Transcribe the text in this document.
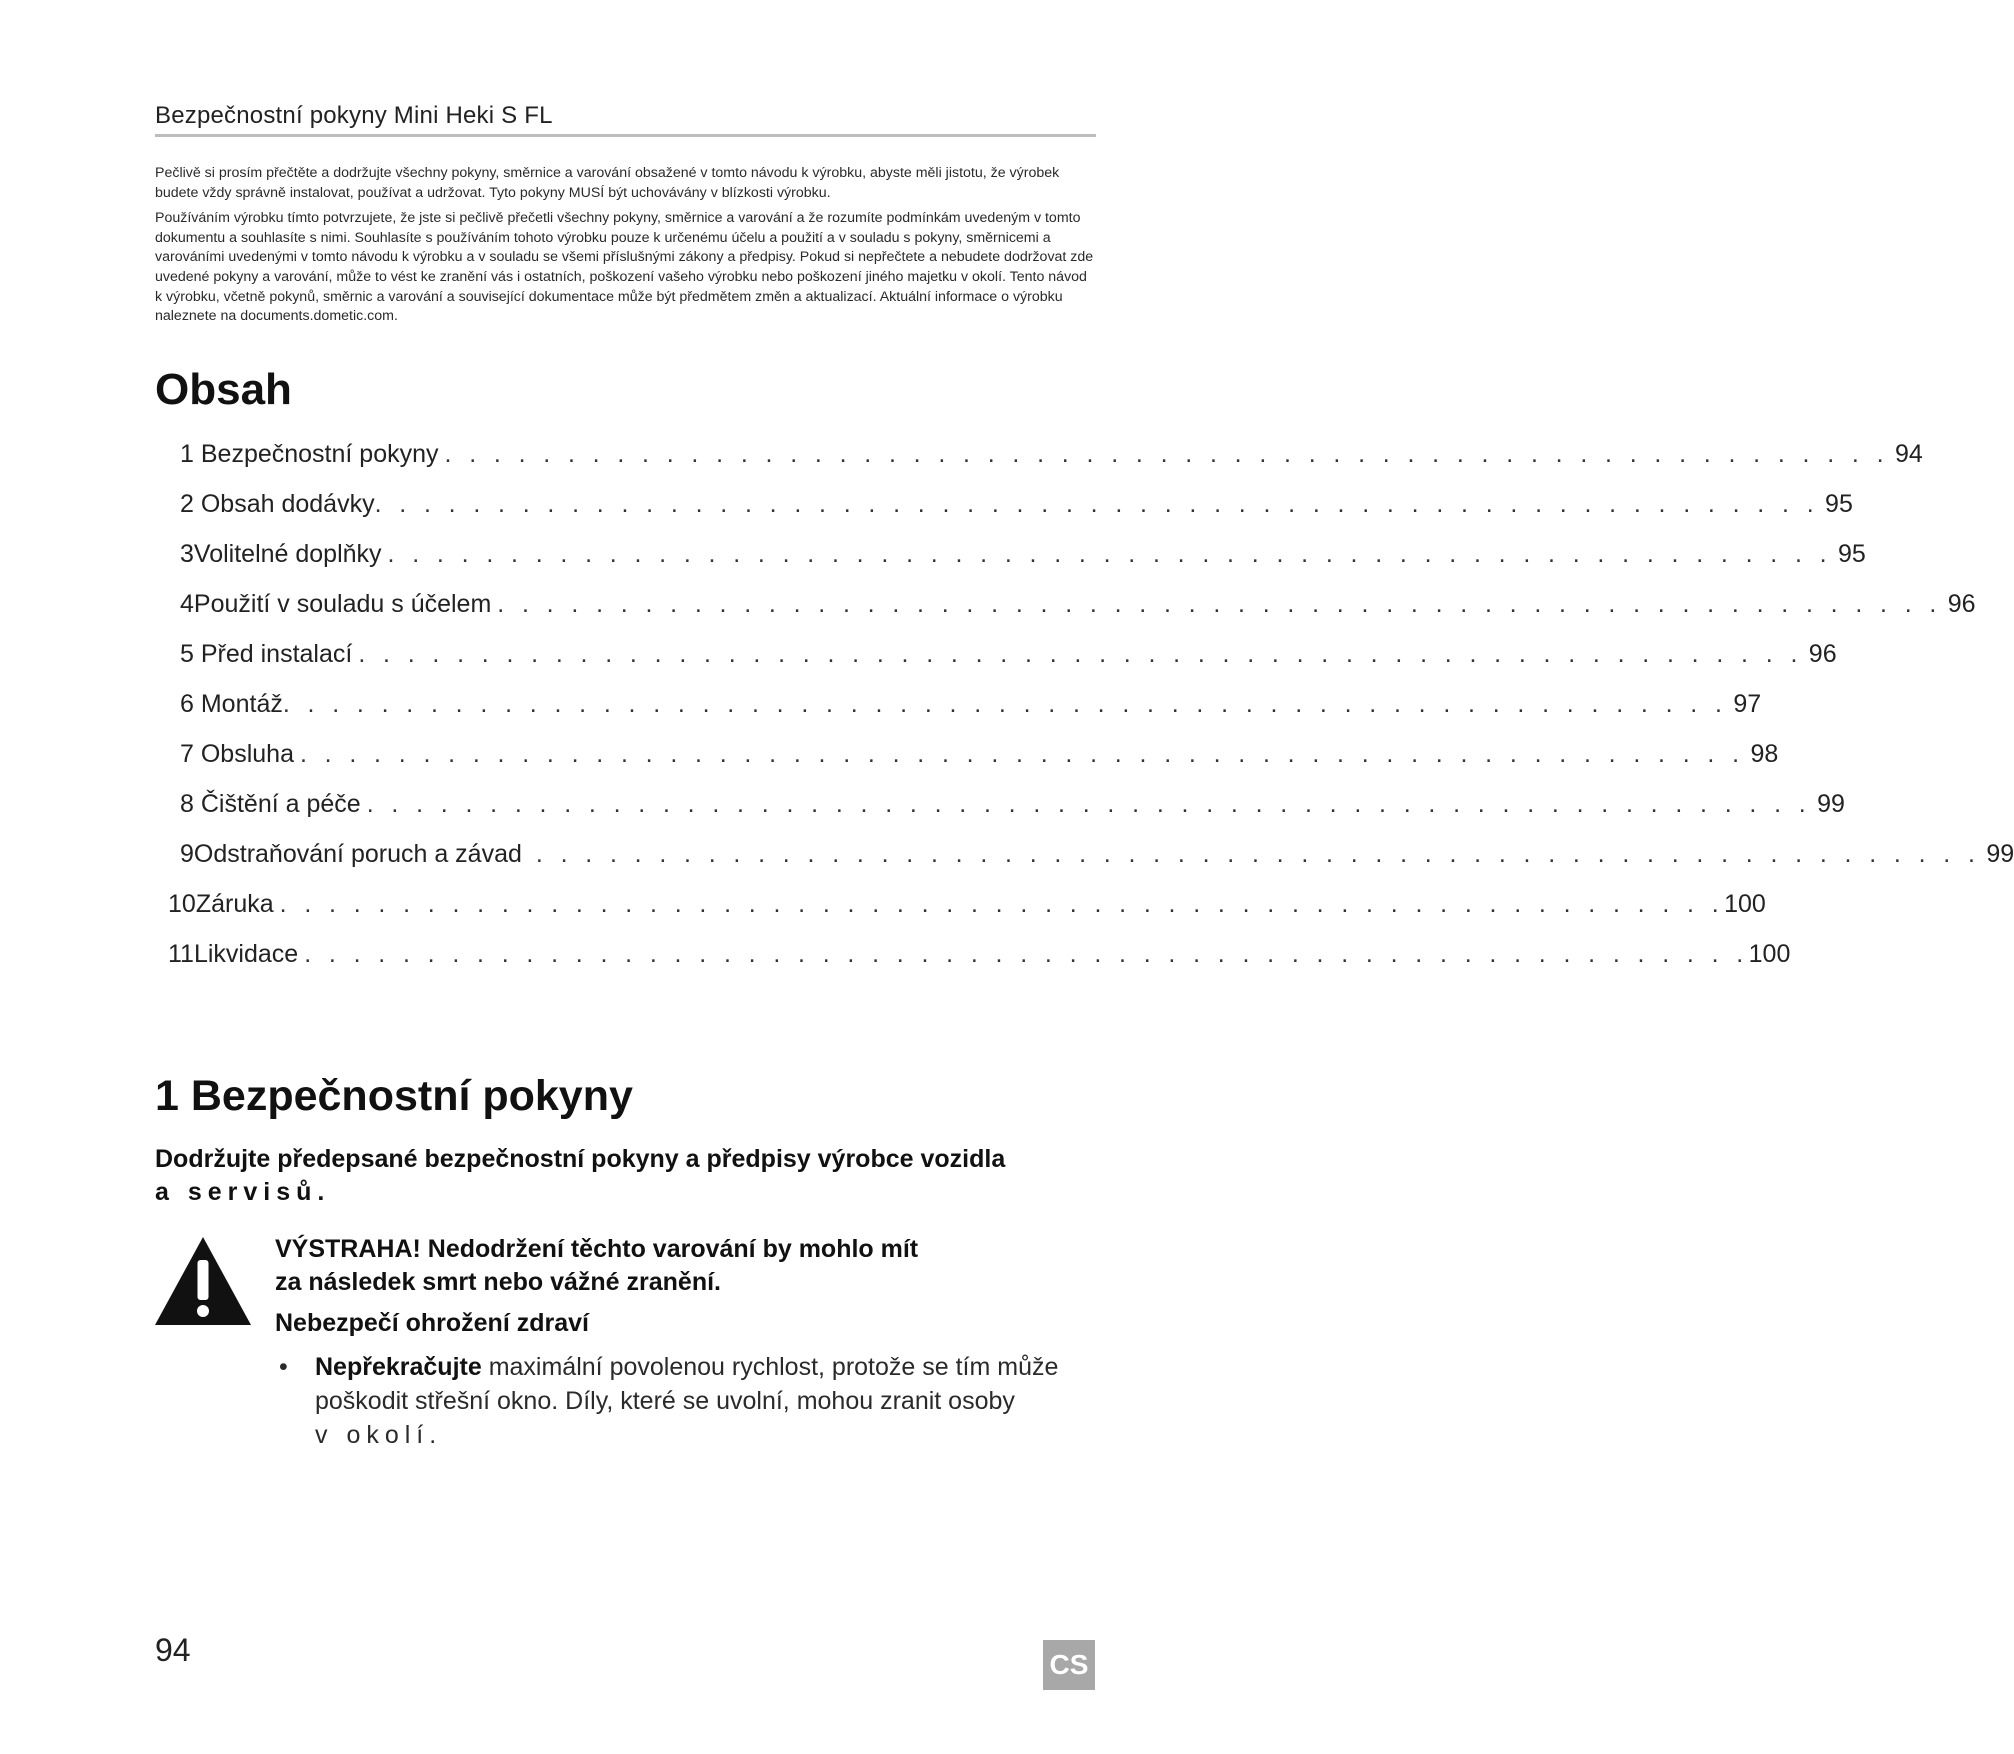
Bezpečnostní pokyny Mini Heki S FL

Pečlivě si prosím přečtěte a dodržujte všechny pokyny, směrnice a varování obsažené v tomto návodu k výrobku, abyste měli jistotu, že výrobek budete vždy správně instalovat, používat a udržovat. Tyto pokyny MUSÍ být uchovávány v blízkosti výrobku.

Používáním výrobku tímto potvrzujete, že jste si pečlivě přečetli všechny pokyny, směrnice a varování a že rozumíte podmínkám uvedeným v tomto dokumentu a souhlasíte s nimi. Souhlasíte s používáním tohoto výrobku pouze k určenému účelu a použití a v souladu s pokyny, směrnicemi a varováními uvedenými v tomto návodu k výrobku a v souladu se všemi příslušnými zákony a předpisy. Pokud si nepřečtete a nebudete dodržovat zde uvedené pokyny a varování, může to vést ke zranění vás i ostatních, poškození vašeho výrobku nebo poškození jiného majetku v okolí. Tento návod k výrobku, včetně pokynů, směrnic a varování a související dokumentace může být předmětem změn a aktualizací. Aktuální informace o výrobku naleznete na documents.dometic.com.

Obsah
1
Bezpečnostní pokyny . . . . . . . . . . . . . . . . . . . . . . . . . . . . . . . . . . . . . . . . . . . . . . . . . . . . . . . . . . . 94
2
Obsah dodávky . . . . . . . . . . . . . . . . . . . . . . . . . . . . . . . . . . . . . . . . . . . . . . . . . . . . . . . . . . . 95
3 Volitelné doplňky . . . . . . . . . . . . . . . . . . . . . . . . . . . . . . . . . . . . . . . . . . . . . . . . . . . . . . . . . . . 95
4 Použití v souladu s účelem . . . . . . . . . . . . . . . . . . . . . . . . . . . . . . . . . . . . . . . . . . . . . . . . . . . . . . . . . . . 96
5
Před instalací . . . . . . . . . . . . . . . . . . . . . . . . . . . . . . . . . . . . . . . . . . . . . . . . . . . . . . . . . . . 96
6
Montáž . . . . . . . . . . . . . . . . . . . . . . . . . . . . . . . . . . . . . . . . . . . . . . . . . . . . . . . . . . . 97
7
Obsluha . . . . . . . . . . . . . . . . . . . . . . . . . . . . . . . . . . . . . . . . . . . . . . . . . . . . . . . . . . . 98
8
Čištění a péče . . . . . . . . . . . . . . . . . . . . . . . . . . . . . . . . . . . . . . . . . . . . . . . . . . . . . . . . . . . 99
9 Odstraňování poruch a závad . . . . . . . . . . . . . . . . . . . . . . . . . . . . . . . . . . . . . . . . . . . . . . . . . . . . . . . . . . . 99
10 Záruka . . . . . . . . . . . . . . . . . . . . . . . . . . . . . . . . . . . . . . . . . . . . . . . . . . . . . . . . . . . 100
11 Likvidace . . . . . . . . . . . . . . . . . . . . . . . . . . . . . . . . . . . . . . . . . . . . . . . . . . . . . . . . . . . 100
1 Bezpečnostní pokyny
Dodržujte předepsané bezpečnostní pokyny a předpisy výrobce vozidla
a servisů.

VÝSTRAHA! Nedodržení těchto varování by mohlo mít
za následek smrt nebo vážné zranění.

Nebezpečí ohrožení zdraví

• Nepřekračujte maximální povolenou rychlost, protože se tím může poškodit střešní okno. Díly, které se uvolní, mohou zranit osoby
v okolí.
94	CS
